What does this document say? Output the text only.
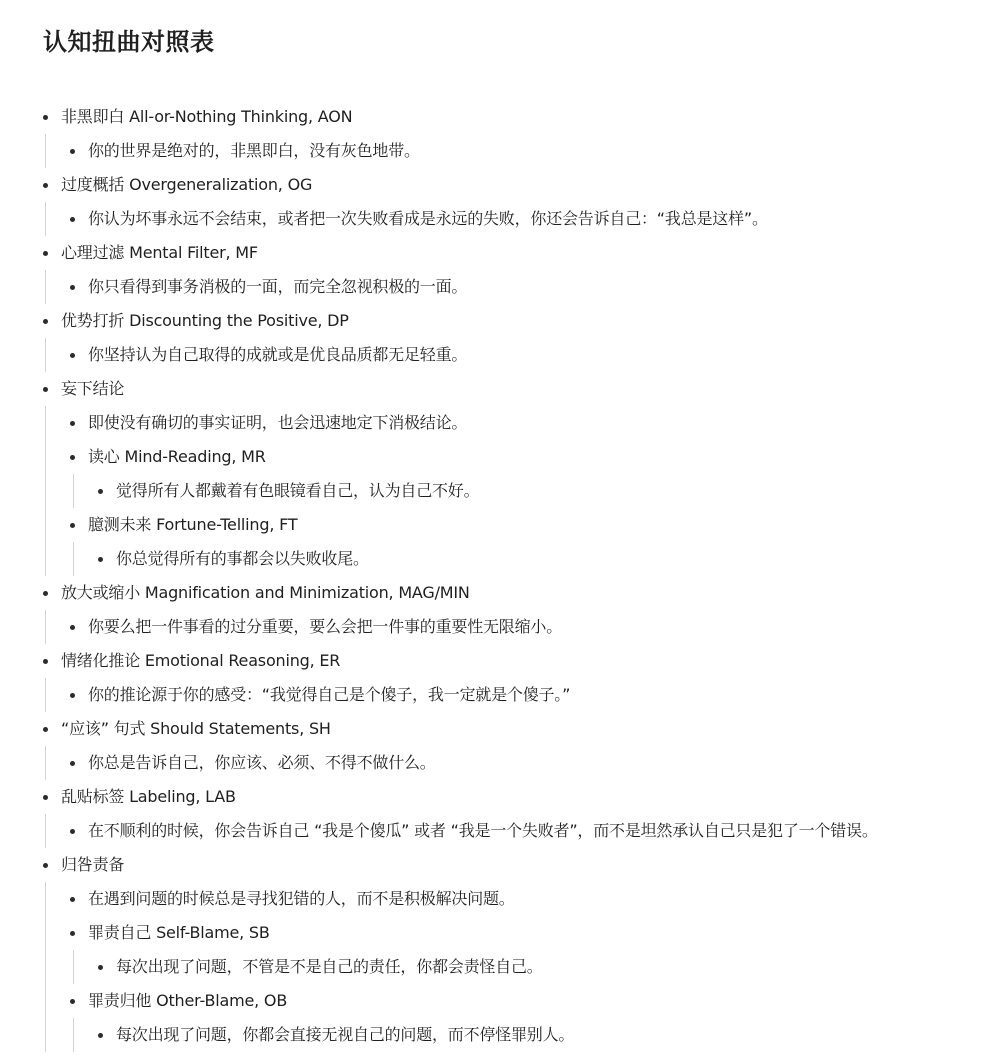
认知扭曲对照表
非黑即白 All-or-Nothing Thinking, AON
你的世界是绝对的，非黑即白，没有灰色地带。
过度概括 Overgeneralization, OG
你认为坏事永远不会结束，或者把一次失败看成是永远的失败，你还会告诉自己：“我总是这样”。
心理过滤 Mental Filter, MF
你只看得到事务消极的一面，而完全忽视积极的一面。
优势打折 Discounting the Positive, DP
你坚持认为自己取得的成就或是优良品质都无足轻重。
妄下结论
即使没有确切的事实证明，也会迅速地定下消极结论。
读心 Mind-Reading, MR
觉得所有人都戴着有色眼镜看自己，认为自己不好。
臆测未来 Fortune-Telling, FT
你总觉得所有的事都会以失败收尾。
放大或缩小 Magnification and Minimization, MAG/MIN
你要么把一件事看的过分重要，要么会把一件事的重要性无限缩小。
情绪化推论 Emotional Reasoning, ER
你的推论源于你的感受：“我觉得自己是个傻子，我一定就是个傻子。”
“应该” 句式 Should Statements, SH
你总是告诉自己，你应该、必须、不得不做什么。
乱贴标签 Labeling, LAB
在不顺利的时候，你会告诉自己 “我是个傻瓜” 或者 “我是一个失败者”，而不是坦然承认自己只是犯了一个错误。
归咎责备
在遇到问题的时候总是寻找犯错的人，而不是积极解决问题。
罪责自己 Self-Blame, SB
每次出现了问题，不管是不是自己的责任，你都会责怪自己。
罪责归他 Other-Blame, OB
每次出现了问题，你都会直接无视自己的问题，而不停怪罪别人。
